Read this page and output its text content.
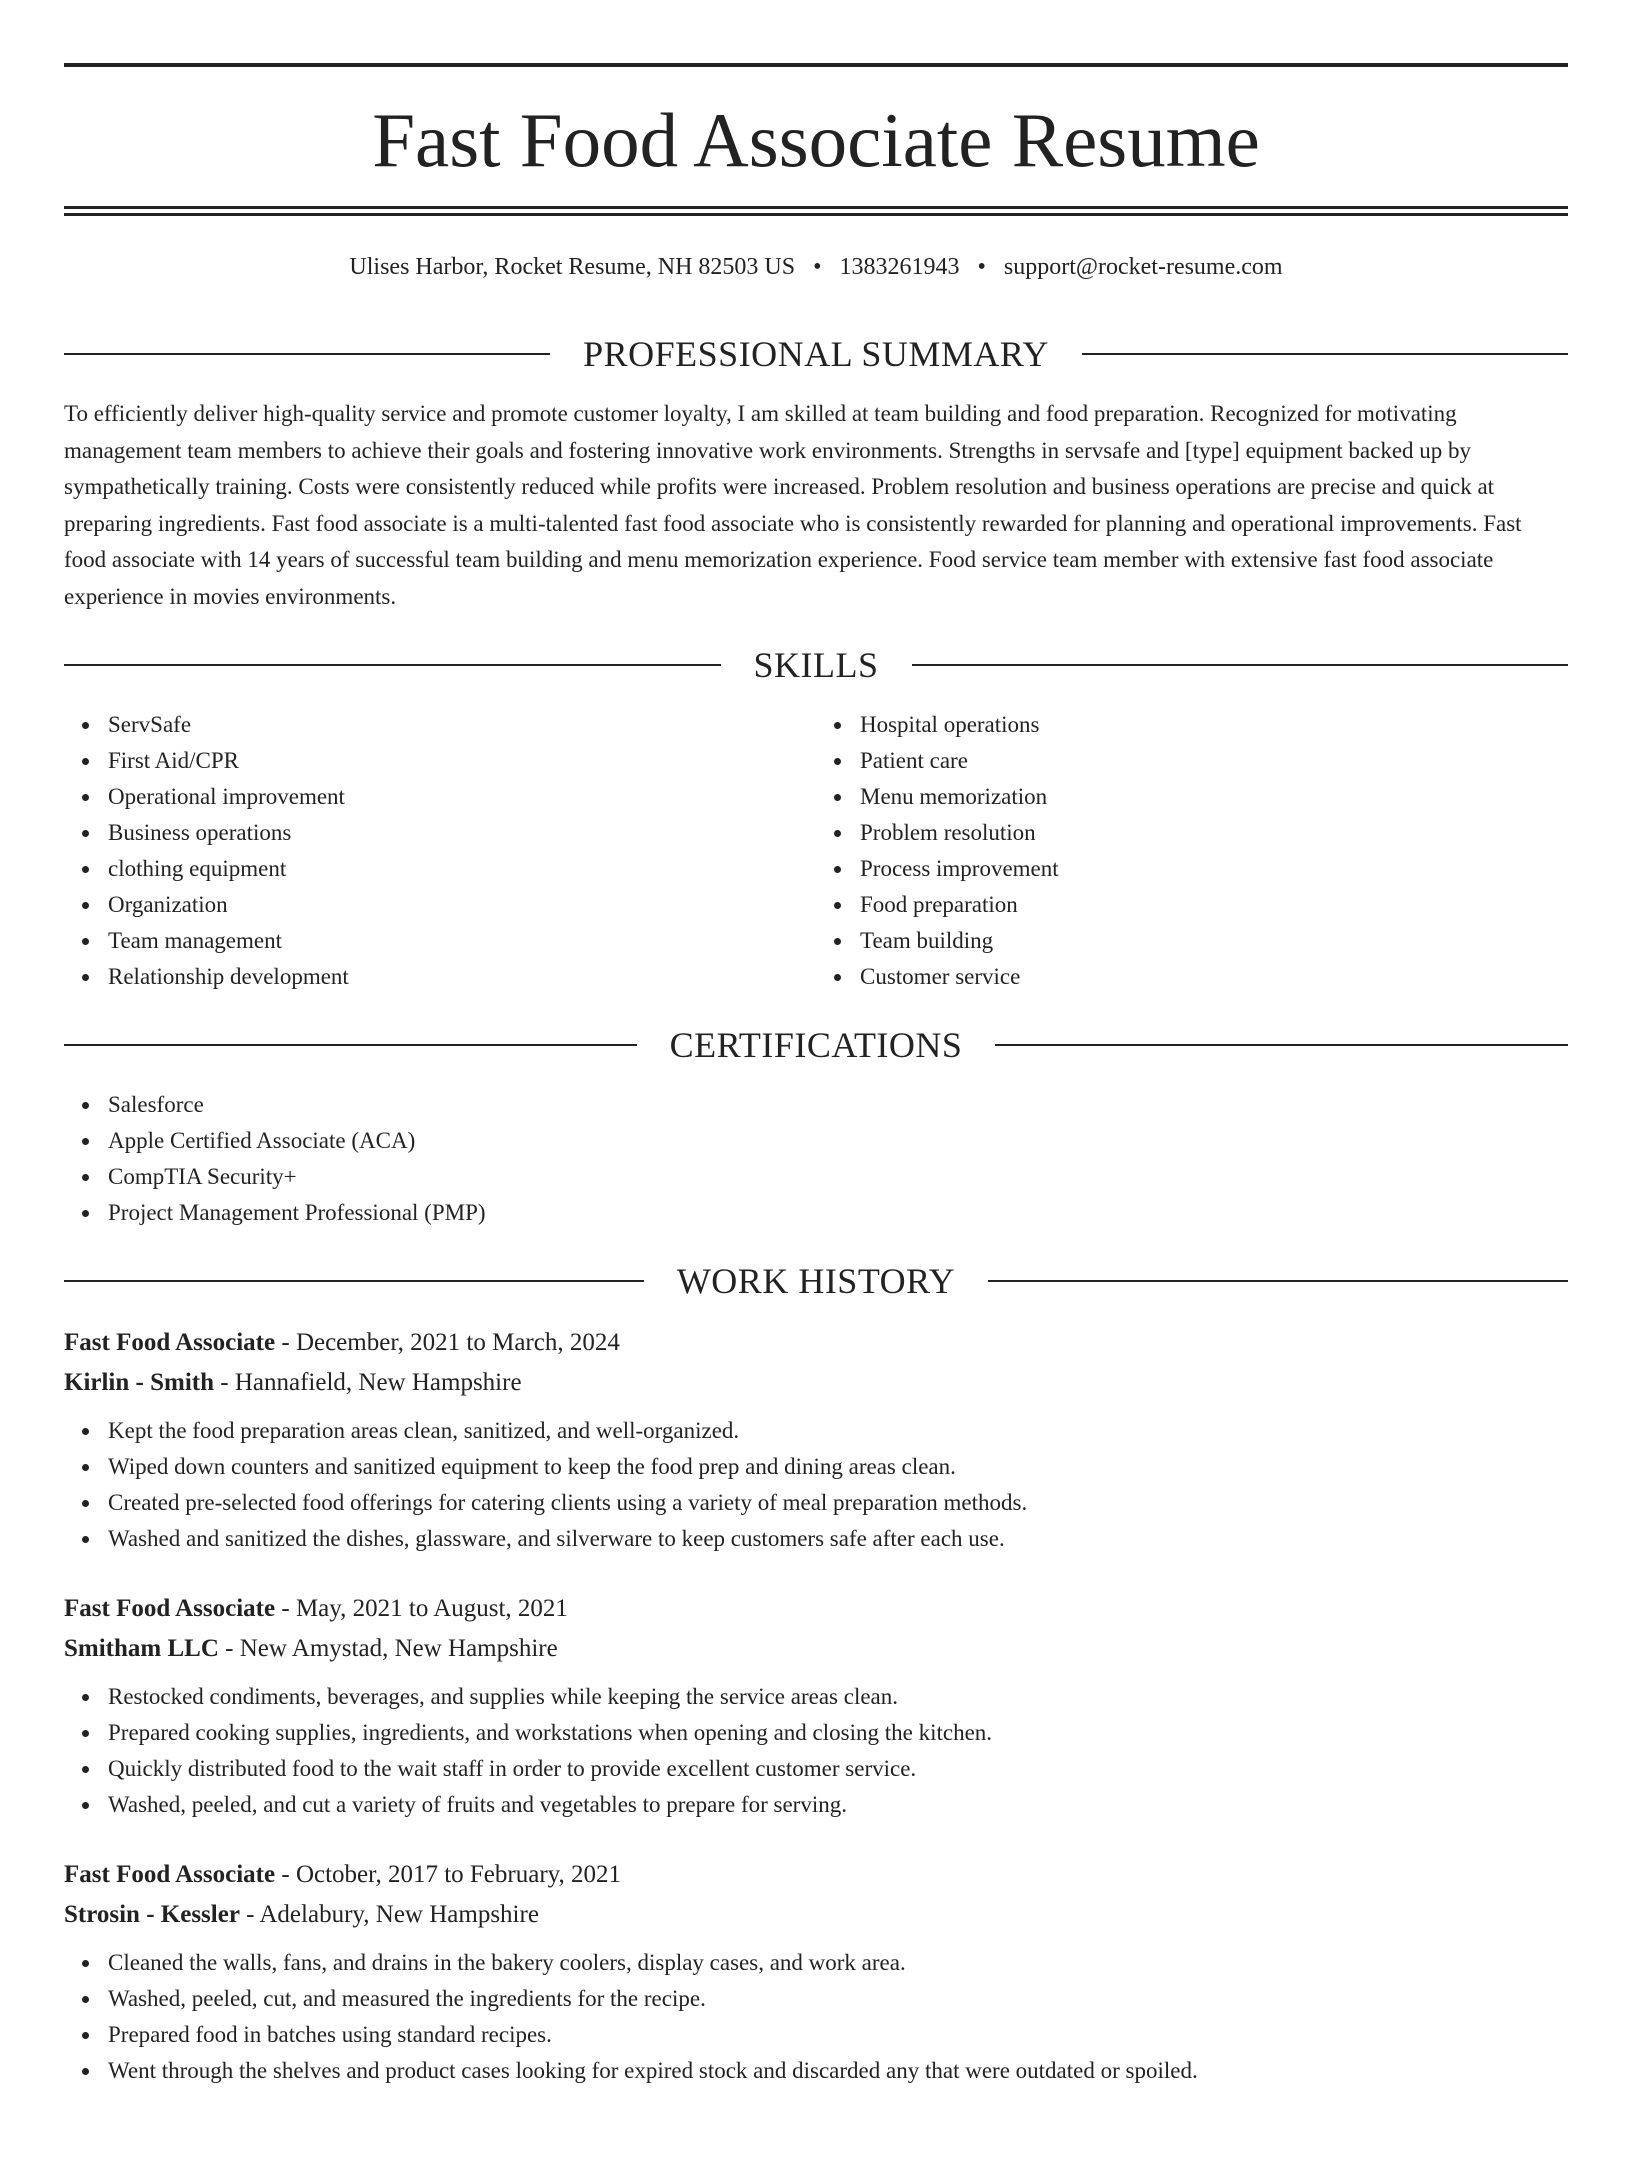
Fast Food Associate Resume
Ulises Harbor, Rocket Resume, NH 82503 US • 1383261943 • support@rocket-resume.com
PROFESSIONAL SUMMARY

To efficiently deliver high-quality service and promote customer loyalty, I am skilled at team building and food preparation. Recognized for motivating management team members to achieve their goals and fostering innovative work environments. Strengths in servsafe and [type] equipment backed up by sympathetically training. Costs were consistently reduced while profits were increased. Problem resolution and business operations are precise and quick at preparing ingredients. Fast food associate is a multi-talented fast food associate who is consistently rewarded for planning and operational improvements. Fast food associate with 14 years of successful team building and menu memorization experience. Food service team member with extensive fast food associate experience in movies environments.

SKILLS
ServSafe
First Aid/CPR
Operational improvement
Business operations
clothing equipment
Organization
Team management
Relationship development
Hospital operations
Patient care
Menu memorization
Problem resolution
Process improvement
Food preparation
Team building
Customer service
CERTIFICATIONS
Salesforce
Apple Certified Associate (ACA)
CompTIA Security+
Project Management Professional (PMP)
WORK HISTORY
Fast Food Associate - December, 2021 to March, 2024
Kirlin - Smith - Hannafield, New Hampshire
Kept the food preparation areas clean, sanitized, and well-organized.
Wiped down counters and sanitized equipment to keep the food prep and dining areas clean.
Created pre-selected food offerings for catering clients using a variety of meal preparation methods.
Washed and sanitized the dishes, glassware, and silverware to keep customers safe after each use.
Fast Food Associate - May, 2021 to August, 2021
Smitham LLC - New Amystad, New Hampshire
Restocked condiments, beverages, and supplies while keeping the service areas clean.
Prepared cooking supplies, ingredients, and workstations when opening and closing the kitchen.
Quickly distributed food to the wait staff in order to provide excellent customer service.
Washed, peeled, and cut a variety of fruits and vegetables to prepare for serving.
Fast Food Associate - October, 2017 to February, 2021
Strosin - Kessler - Adelabury, New Hampshire
Cleaned the walls, fans, and drains in the bakery coolers, display cases, and work area.
Washed, peeled, cut, and measured the ingredients for the recipe.
Prepared food in batches using standard recipes.
Went through the shelves and product cases looking for expired stock and discarded any that were outdated or spoiled.
